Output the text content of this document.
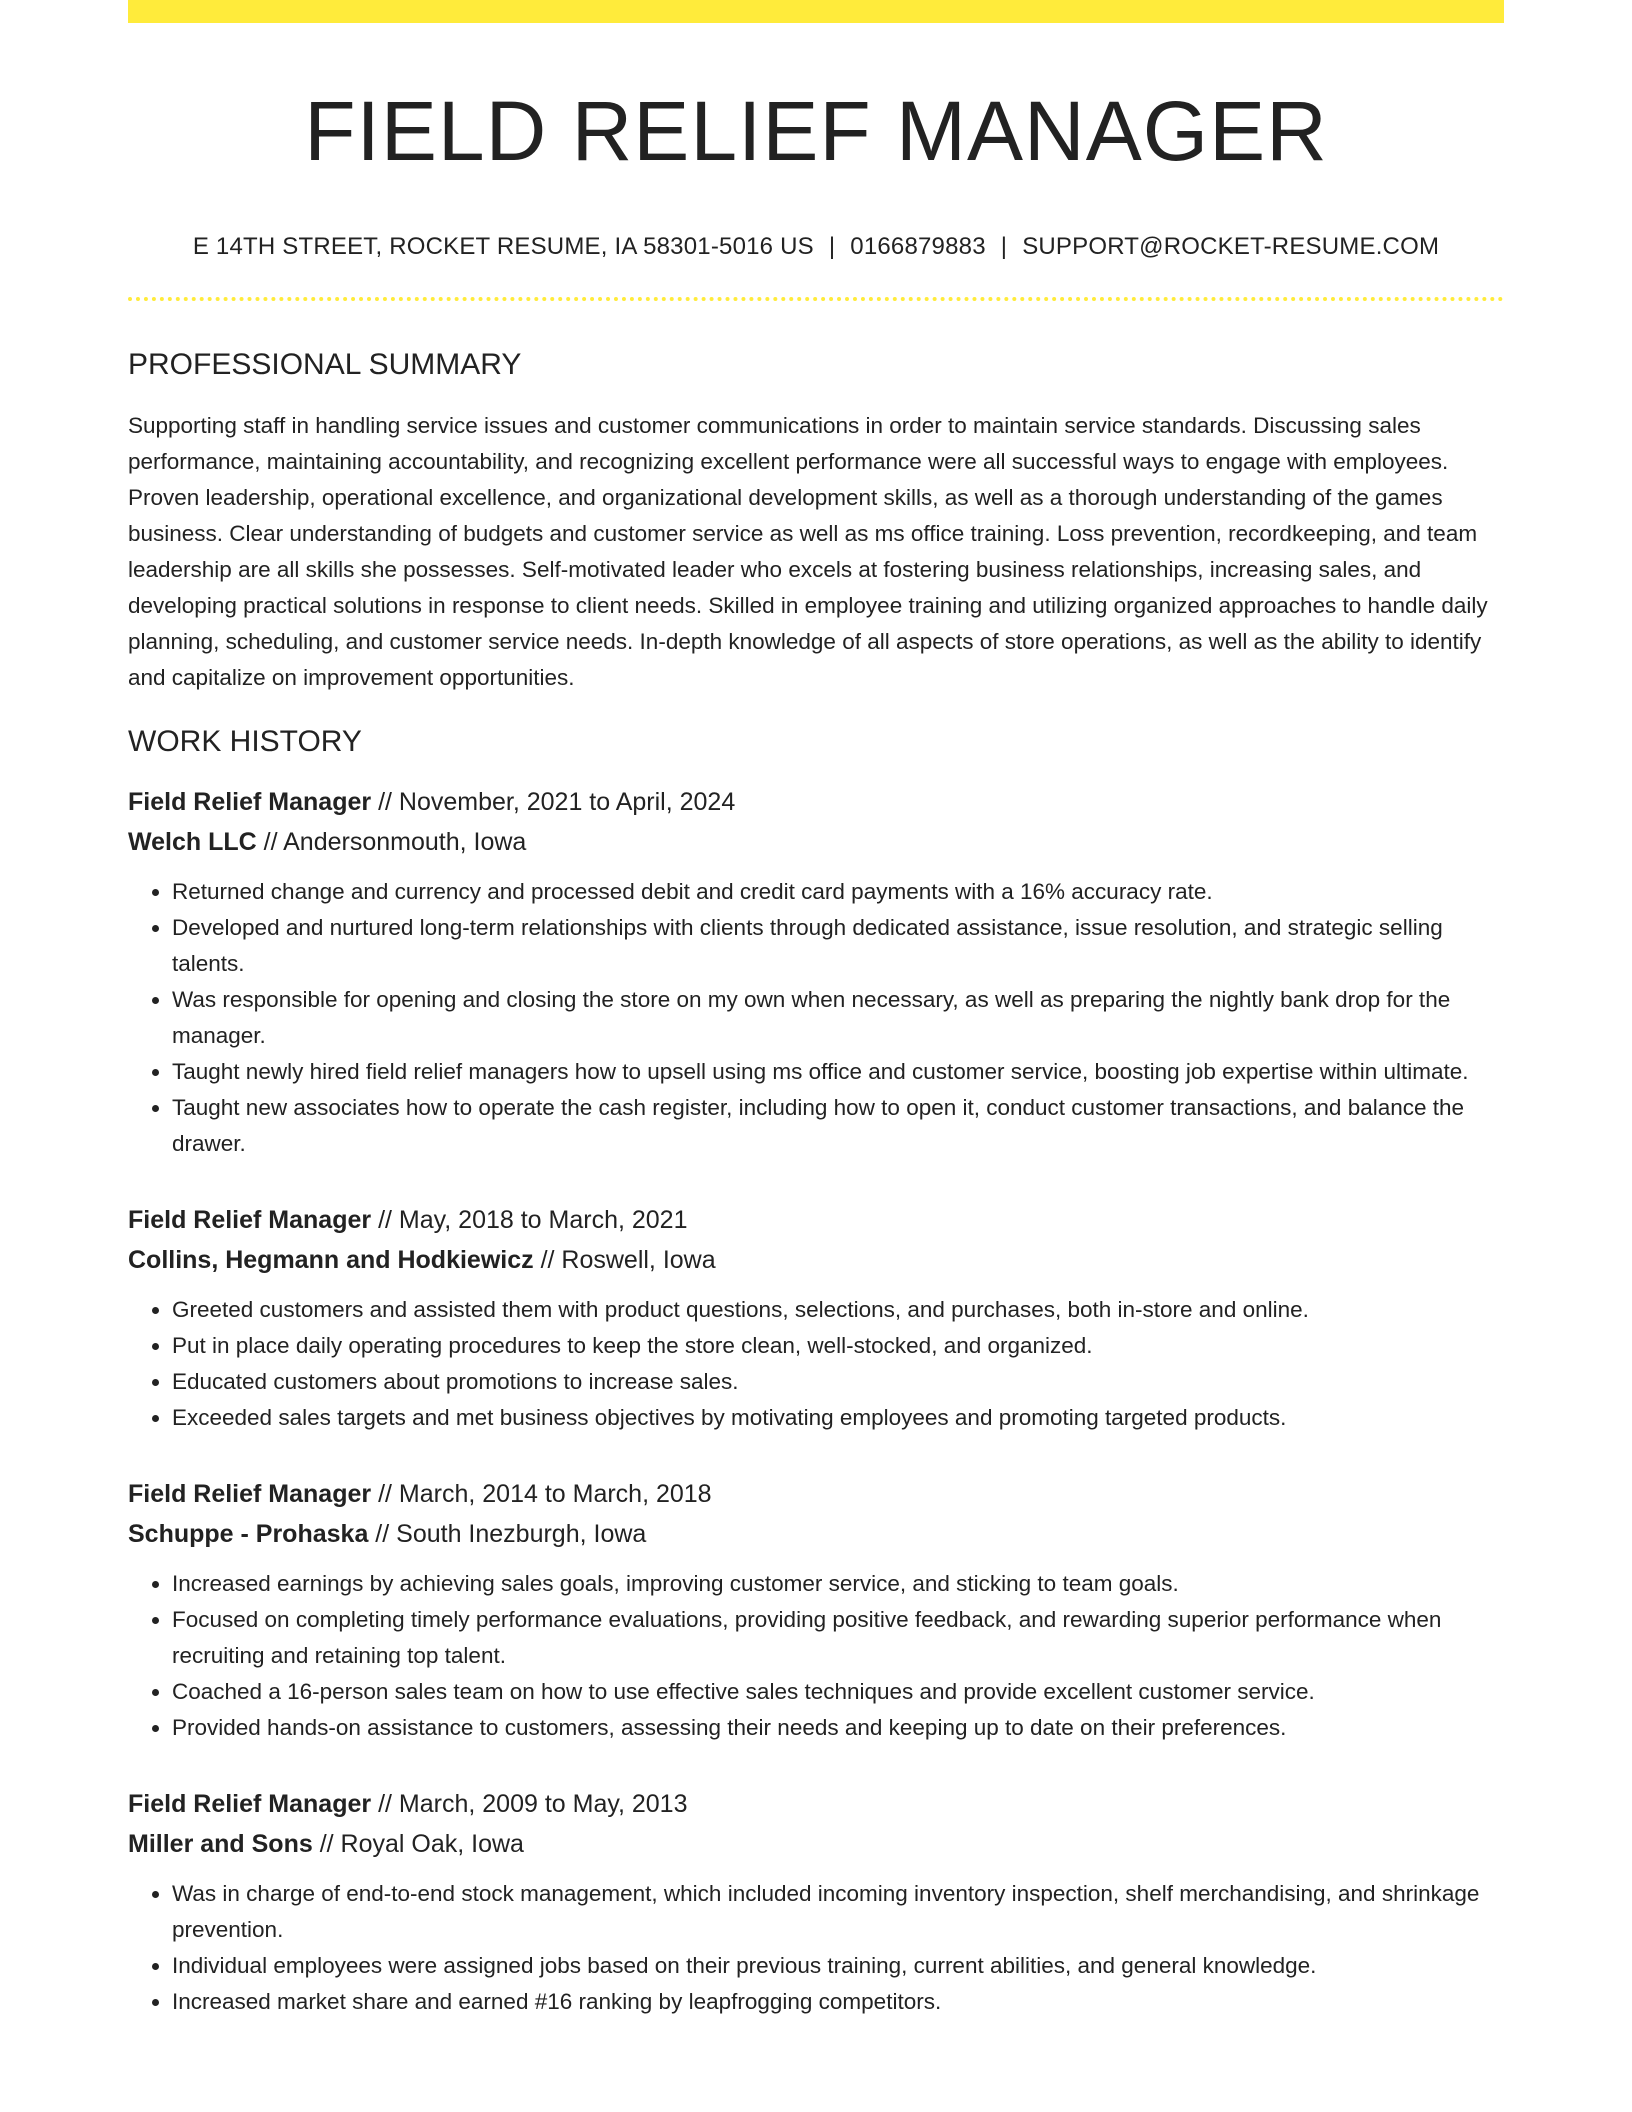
FIELD RELIEF MANAGER
E 14TH STREET, ROCKET RESUME, IA 58301-5016 US | 0166879883 | SUPPORT@ROCKET-RESUME.COM
PROFESSIONAL SUMMARY
Supporting staff in handling service issues and customer communications in order to maintain service standards. Discussing sales performance, maintaining accountability, and recognizing excellent performance were all successful ways to engage with employees. Proven leadership, operational excellence, and organizational development skills, as well as a thorough understanding of the games business. Clear understanding of budgets and customer service as well as ms office training. Loss prevention, recordkeeping, and team leadership are all skills she possesses. Self-motivated leader who excels at fostering business relationships, increasing sales, and developing practical solutions in response to client needs. Skilled in employee training and utilizing organized approaches to handle daily planning, scheduling, and customer service needs. In-depth knowledge of all aspects of store operations, as well as the ability to identify and capitalize on improvement opportunities.
WORK HISTORY
Field Relief Manager // November, 2021 to April, 2024
Welch LLC // Andersonmouth, Iowa
• Returned change and currency and processed debit and credit card payments with a 16% accuracy rate.
• Developed and nurtured long-term relationships with clients through dedicated assistance, issue resolution, and strategic selling talents.
• Was responsible for opening and closing the store on my own when necessary, as well as preparing the nightly bank drop for the manager.
• Taught newly hired field relief managers how to upsell using ms office and customer service, boosting job expertise within ultimate.
• Taught new associates how to operate the cash register, including how to open it, conduct customer transactions, and balance the drawer.
Field Relief Manager // May, 2018 to March, 2021
Collins, Hegmann and Hodkiewicz // Roswell, Iowa
• Greeted customers and assisted them with product questions, selections, and purchases, both in-store and online.
• Put in place daily operating procedures to keep the store clean, well-stocked, and organized.
• Educated customers about promotions to increase sales.
• Exceeded sales targets and met business objectives by motivating employees and promoting targeted products.
Field Relief Manager // March, 2014 to March, 2018
Schuppe - Prohaska // South Inezburgh, Iowa
• Increased earnings by achieving sales goals, improving customer service, and sticking to team goals.
• Focused on completing timely performance evaluations, providing positive feedback, and rewarding superior performance when recruiting and retaining top talent.
• Coached a 16-person sales team on how to use effective sales techniques and provide excellent customer service.
• Provided hands-on assistance to customers, assessing their needs and keeping up to date on their preferences.
Field Relief Manager // March, 2009 to May, 2013
Miller and Sons // Royal Oak, Iowa
• Was in charge of end-to-end stock management, which included incoming inventory inspection, shelf merchandising, and shrinkage prevention.
• Individual employees were assigned jobs based on their previous training, current abilities, and general knowledge.
• Increased market share and earned #16 ranking by leapfrogging competitors.
